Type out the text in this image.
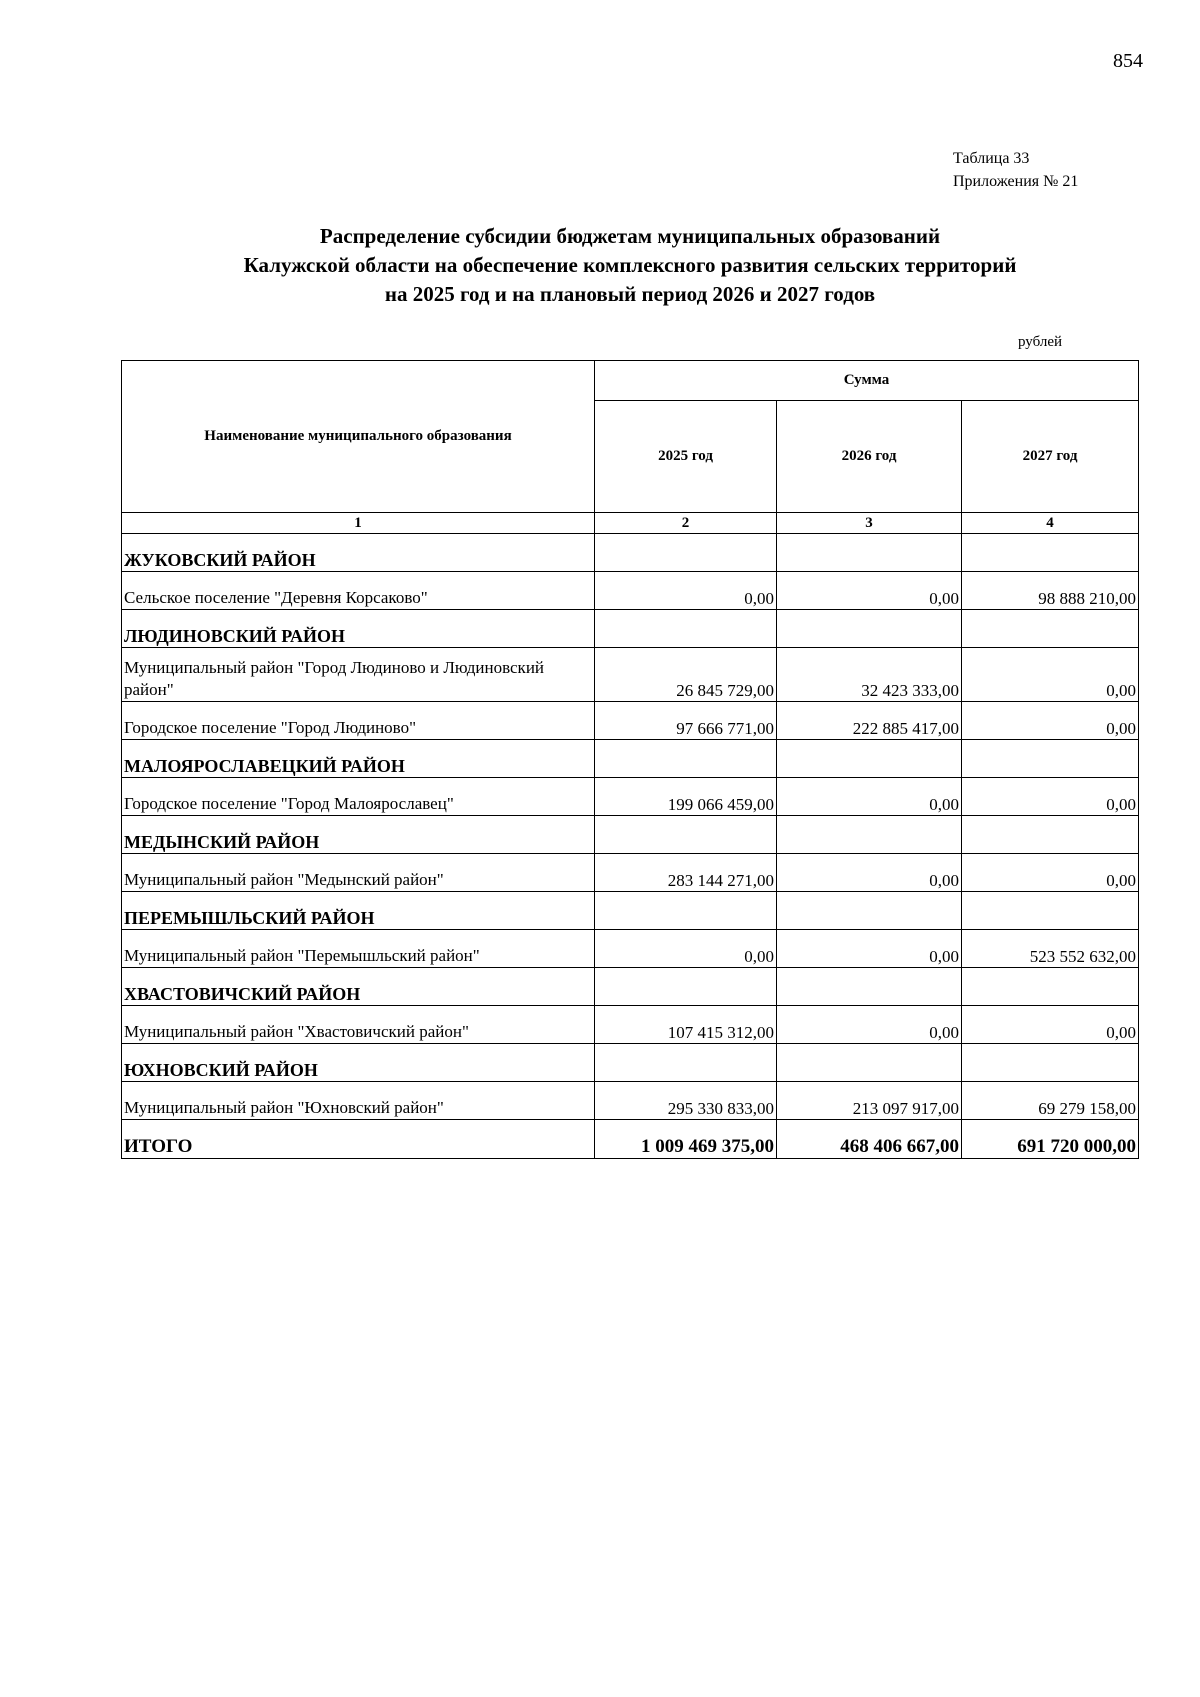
854
Таблица 33
Приложения № 21
Распределение субсидии бюджетам муниципальных образований
Калужской области на обеспечение комплексного развития сельских территорий
на 2025 год и на плановый период 2026 и 2027 годов
рублей
Наименование муниципального образования	Сумма		
	2025 год	2026 год	2027 год
1	2	3	4
ЖУКОВСКИЙ РАЙОН			
Сельское поселение "Деревня Корсаково"	0,00	0,00	98 888 210,00
ЛЮДИНОВСКИЙ РАЙОН			
Муниципальный район "Город Людиново и Людиновский район"	26 845 729,00	32 423 333,00	0,00
Городское поселение "Город Людиново"	97 666 771,00	222 885 417,00	0,00
МАЛОЯРОСЛАВЕЦКИЙ РАЙОН			
Городское поселение "Город Малоярославец"	199 066 459,00	0,00	0,00
МЕДЫНСКИЙ РАЙОН			
Муниципальный район "Медынский район"	283 144 271,00	0,00	0,00
ПЕРЕМЫШЛЬСКИЙ РАЙОН			
Муниципальный район "Перемышльский район"	0,00	0,00	523 552 632,00
ХВАСТОВИЧСКИЙ РАЙОН			
Муниципальный район "Хвастовичский район"	107 415 312,00	0,00	0,00
ЮХНОВСКИЙ РАЙОН			
Муниципальный район "Юхновский район"	295 330 833,00	213 097 917,00	69 279 158,00
ИТОГО	1 009 469 375,00	468 406 667,00	691 720 000,00
